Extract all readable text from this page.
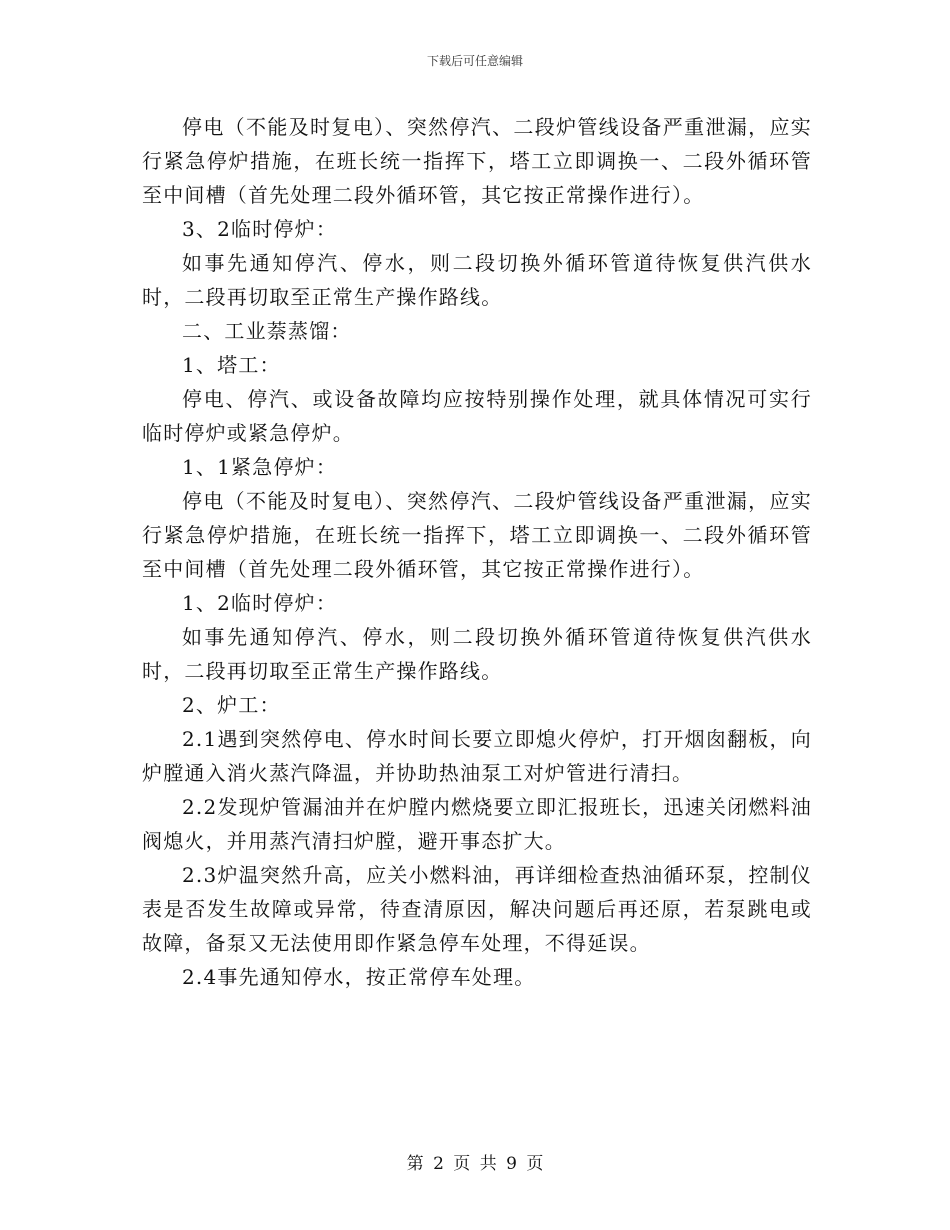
下载后可任意编辑

停电（不能及时复电）、突然停汽、二段炉管线设备严重泄漏，应实行紧急停炉措施，在班长统一指挥下，塔工立即调换一、二段外循环管至中间槽（首先处理二段外循环管，其它按正常操作进行）。

3、2临时停炉：

如事先通知停汽、停水，则二段切换外循环管道待恢复供汽供水时，二段再切取至正常生产操作路线。

二、工业萘蒸馏：

1、塔工：

停电、停汽、或设备故障均应按特别操作处理，就具体情况可实行临时停炉或紧急停炉。

1、1紧急停炉：

停电（不能及时复电）、突然停汽、二段炉管线设备严重泄漏，应实行紧急停炉措施，在班长统一指挥下，塔工立即调换一、二段外循环管至中间槽（首先处理二段外循环管，其它按正常操作进行）。

1、2临时停炉：

如事先通知停汽、停水，则二段切换外循环管道待恢复供汽供水时，二段再切取至正常生产操作路线。

2、炉工：

2.1遇到突然停电、停水时间长要立即熄火停炉，打开烟囱翻板，向炉膛通入消火蒸汽降温，并协助热油泵工对炉管进行清扫。

2.2发现炉管漏油并在炉膛内燃烧要立即汇报班长，迅速关闭燃料油阀熄火，并用蒸汽清扫炉膛，避开事态扩大。

2.3炉温突然升高，应关小燃料油，再详细检查热油循环泵，控制仪表是否发生故障或异常，待查清原因，解决问题后再还原，若泵跳电或故障，备泵又无法使用即作紧急停车处理，不得延误。

2.4事先通知停水，按正常停车处理。

第 2 页 共 9 页
